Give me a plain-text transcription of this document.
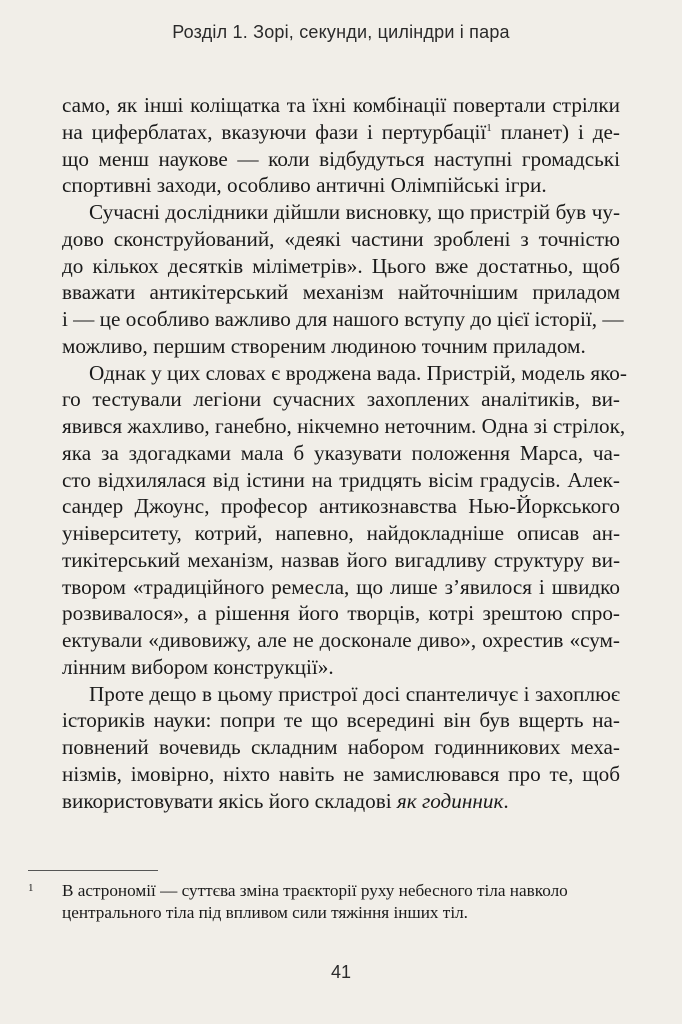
Розділ 1. Зорі, секунди, циліндри і пара
само, як інші коліщатка та їхні комбінації повертали стрілки
на циферблатах, вказуючи фази і пертурбації$^1$ планет) і де-
що менш наукове — коли відбудуться наступні громадські
спортивні заходи, особливо античні Олімпійські ігри.
Сучасні дослідники дійшли висновку, що пристрій був чу-
дово сконструйований, «деякі частини зроблені з точністю
до кількох десятків міліметрів». Цього вже достатньо, щоб
вважати антикітерський механізм найточнішим приладом
і — це особливо важливо для нашого вступу до цієї історії, —
можливо, першим створеним людиною точним приладом.
Однак у цих словах є вроджена вада. Пристрій, модель яко-
го тестували легіони сучасних захоплених аналітиків, ви-
явився жахливо, ганебно, нікчемно неточним. Одна зі стрілок,
яка за здогадками мала б указувати положення Марса, ча-
сто відхилялася від істини на тридцять вісім градусів. Алек-
сандер Джоунс, професор антикознавства Нью-Йоркського
університету, котрий, напевно, найдокладніше описав ан-
тикітерський механізм, назвав його вигадливу структуру ви-
твором «традиційного ремесла, що лише з’явилося і швидко
розвивалося», а рішення його творців, котрі зрештою спро-
ектували «дивовижу, але не досконале диво», охрестив «сум-
лінним вибором конструкції».
Проте дещо в цьому пристрої досі спантеличує і захоплює
істориків науки: попри те що всередині він був вщерть на-
повнений вочевидь складним набором годинникових меха-
нізмів, імовірно, ніхто навіть не замислювався про те, щоб
використовувати якісь його складові як годинник.
1 В астрономії — суттєва зміна траєкторії руху небесного тіла навколо
центрального тіла під впливом сили тяжіння інших тіл.
41
